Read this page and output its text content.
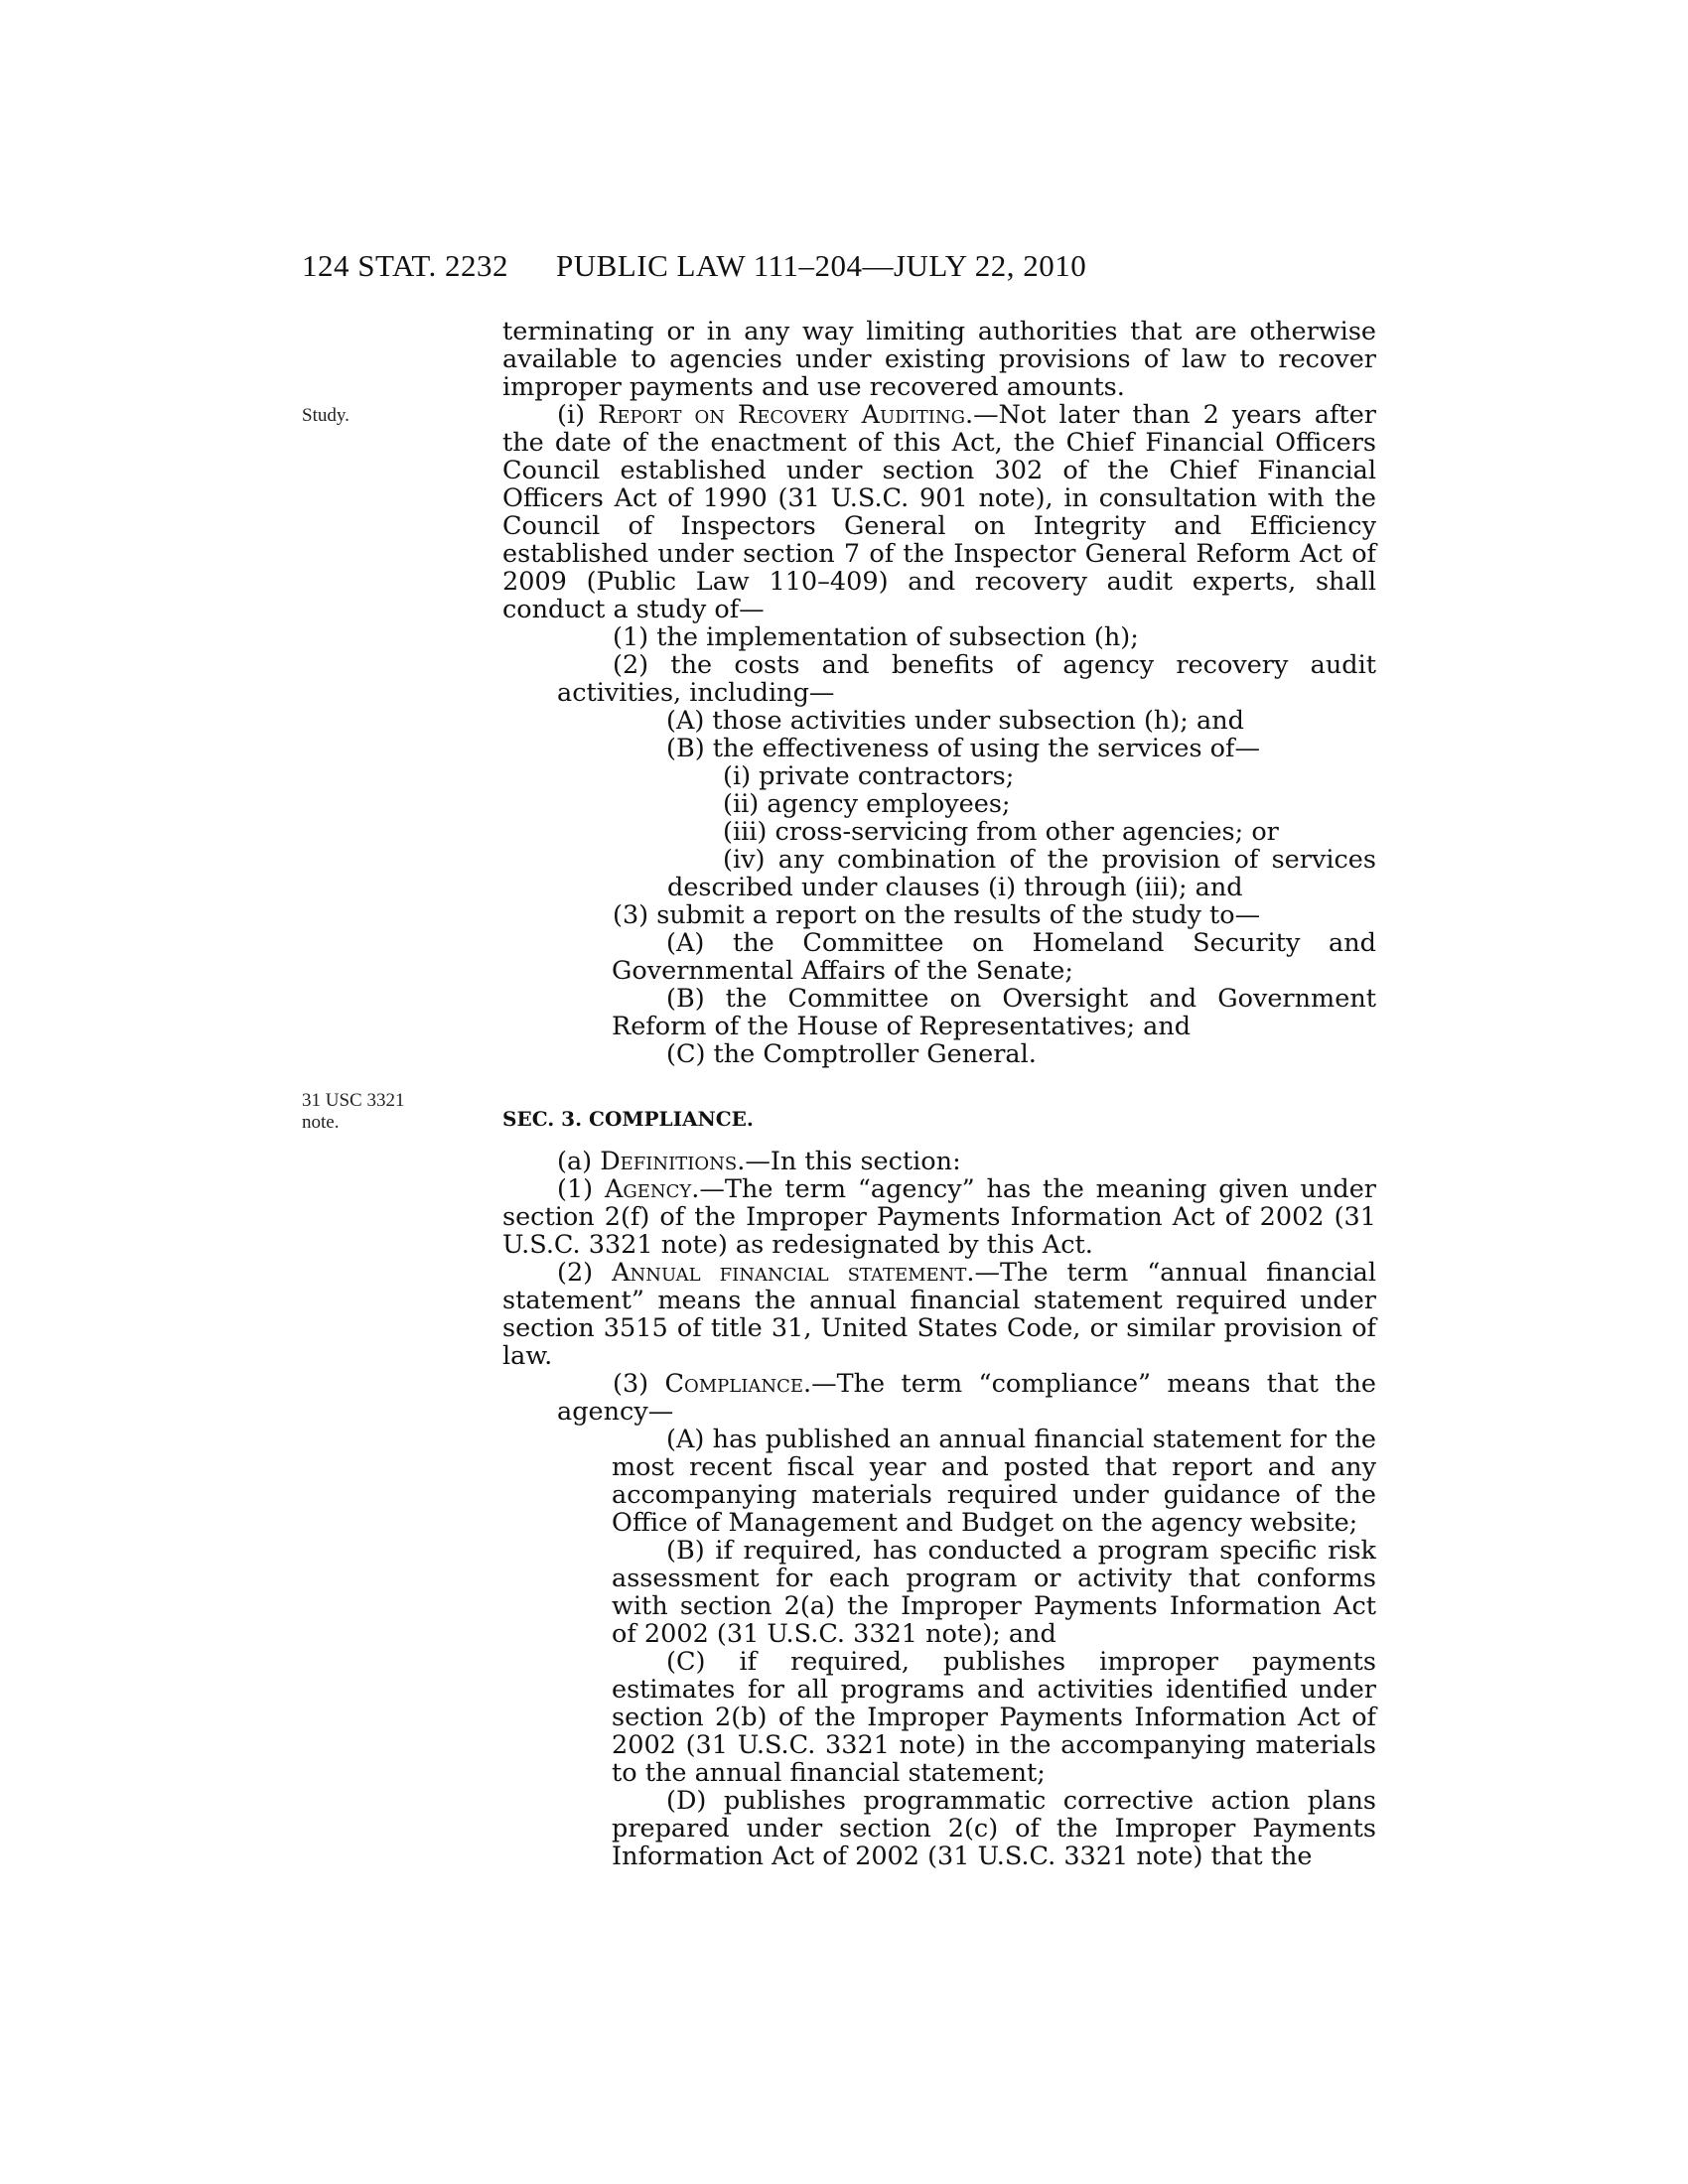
124 STAT. 2232 PUBLIC LAW 111–204—JULY 22, 2010
Study.
31 USC 3321 note.

terminating or in any way limiting authorities that are otherwise available to agencies under existing provisions of law to recover improper payments and use recovered amounts.

(i) Report on Recovery Auditing.—Not later than 2 years after the date of the enactment of this Act, the Chief Financial Officers Council established under section 302 of the Chief Financial Officers Act of 1990 (31 U.S.C. 901 note), in consultation with the Council of Inspectors General on Integrity and Efficiency established under section 7 of the Inspector General Reform Act of 2009 (Public Law 110–409) and recovery audit experts, shall conduct a study of—

(1) the implementation of subsection (h);

(2) the costs and benefits of agency recovery audit activities, including—

(A) those activities under subsection (h); and

(B) the effectiveness of using the services of—

(i) private contractors;

(ii) agency employees;

(iii) cross-servicing from other agencies; or

(iv) any combination of the provision of services described under clauses (i) through (iii); and

(3) submit a report on the results of the study to—

(A) the Committee on Homeland Security and Governmental Affairs of the Senate;

(B) the Committee on Oversight and Government Reform of the House of Representatives; and

(C) the Comptroller General.

SEC. 3. COMPLIANCE.

(a) Definitions.—In this section:

(1) Agency.—The term “agency” has the meaning given under section 2(f) of the Improper Payments Information Act of 2002 (31 U.S.C. 3321 note) as redesignated by this Act.

(2) Annual financial statement.—The term “annual financial statement” means the annual financial statement required under section 3515 of title 31, United States Code, or similar provision of law.

(3) Compliance.—The term “compliance” means that the agency—

(A) has published an annual financial statement for the most recent fiscal year and posted that report and any accompanying materials required under guidance of the Office of Management and Budget on the agency website;

(B) if required, has conducted a program specific risk assessment for each program or activity that conforms with section 2(a) the Improper Payments Information Act of 2002 (31 U.S.C. 3321 note); and

(C) if required, publishes improper payments estimates for all programs and activities identified under section 2(b) of the Improper Payments Information Act of 2002 (31 U.S.C. 3321 note) in the accompanying materials to the annual financial statement;

(D) publishes programmatic corrective action plans prepared under section 2(c) of the Improper Payments Information Act of 2002 (31 U.S.C. 3321 note) that the
